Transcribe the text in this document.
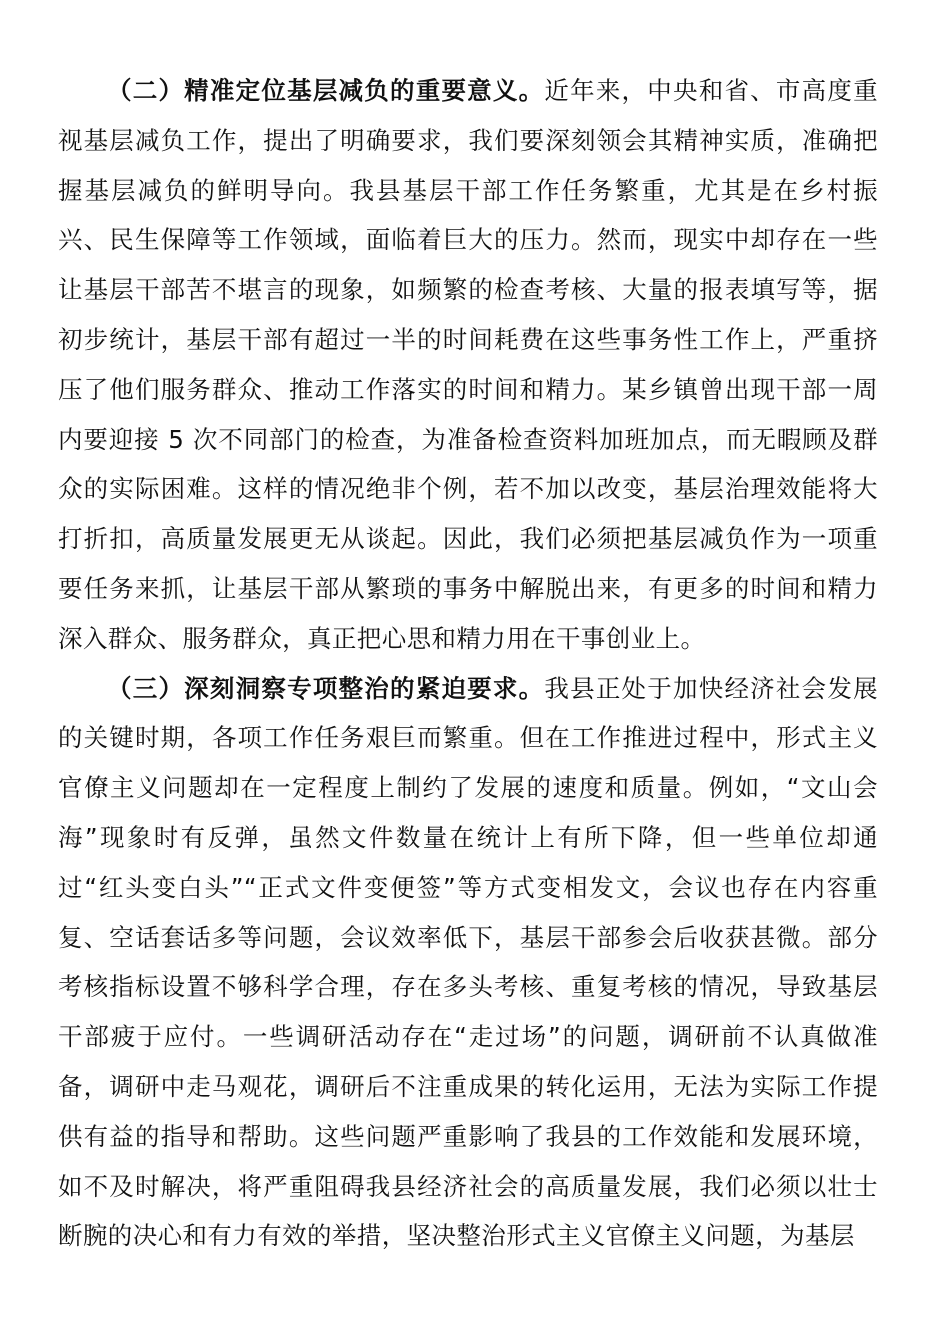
（二）精准定位基层减负的重要意义。近年来，中央和省、市高度重视基层减负工作，提出了明确要求，我们要深刻领会其精神实质，准确把握基层减负的鲜明导向。我县基层干部工作任务繁重，尤其是在乡村振兴、民生保障等工作领域，面临着巨大的压力。然而，现实中却存在一些让基层干部苦不堪言的现象，如频繁的检查考核、大量的报表填写等，据初步统计，基层干部有超过一半的时间耗费在这些事务性工作上，严重挤压了他们服务群众、推动工作落实的时间和精力。某乡镇曾出现干部一周内要迎接 5 次不同部门的检查，为准备检查资料加班加点，而无暇顾及群众的实际困难。这样的情况绝非个例，若不加以改变，基层治理效能将大打折扣，高质量发展更无从谈起。因此，我们必须把基层减负作为一项重要任务来抓，让基层干部从繁琐的事务中解脱出来，有更多的时间和精力深入群众、服务群众，真正把心思和精力用在干事创业上。

（三）深刻洞察专项整治的紧迫要求。我县正处于加快经济社会发展的关键时期，各项工作任务艰巨而繁重。但在工作推进过程中，形式主义官僚主义问题却在一定程度上制约了发展的速度和质量。例如，“文山会海”现象时有反弹，虽然文件数量在统计上有所下降，但一些单位却通过“红头变白头”“正式文件变便签”等方式变相发文，会议也存在内容重复、空话套话多等问题，会议效率低下，基层干部参会后收获甚微。部分考核指标设置不够科学合理，存在多头考核、重复考核的情况，导致基层干部疲于应付。一些调研活动存在“走过场”的问题，调研前不认真做准备，调研中走马观花，调研后不注重成果的转化运用，无法为实际工作提供有益的指导和帮助。这些问题严重影响了我县的工作效能和发展环境，如不及时解决，将严重阻碍我县经济社会的高质量发展，我们必须以壮士断腕的决心和有力有效的举措，坚决整治形式主义官僚主义问题，为基层
